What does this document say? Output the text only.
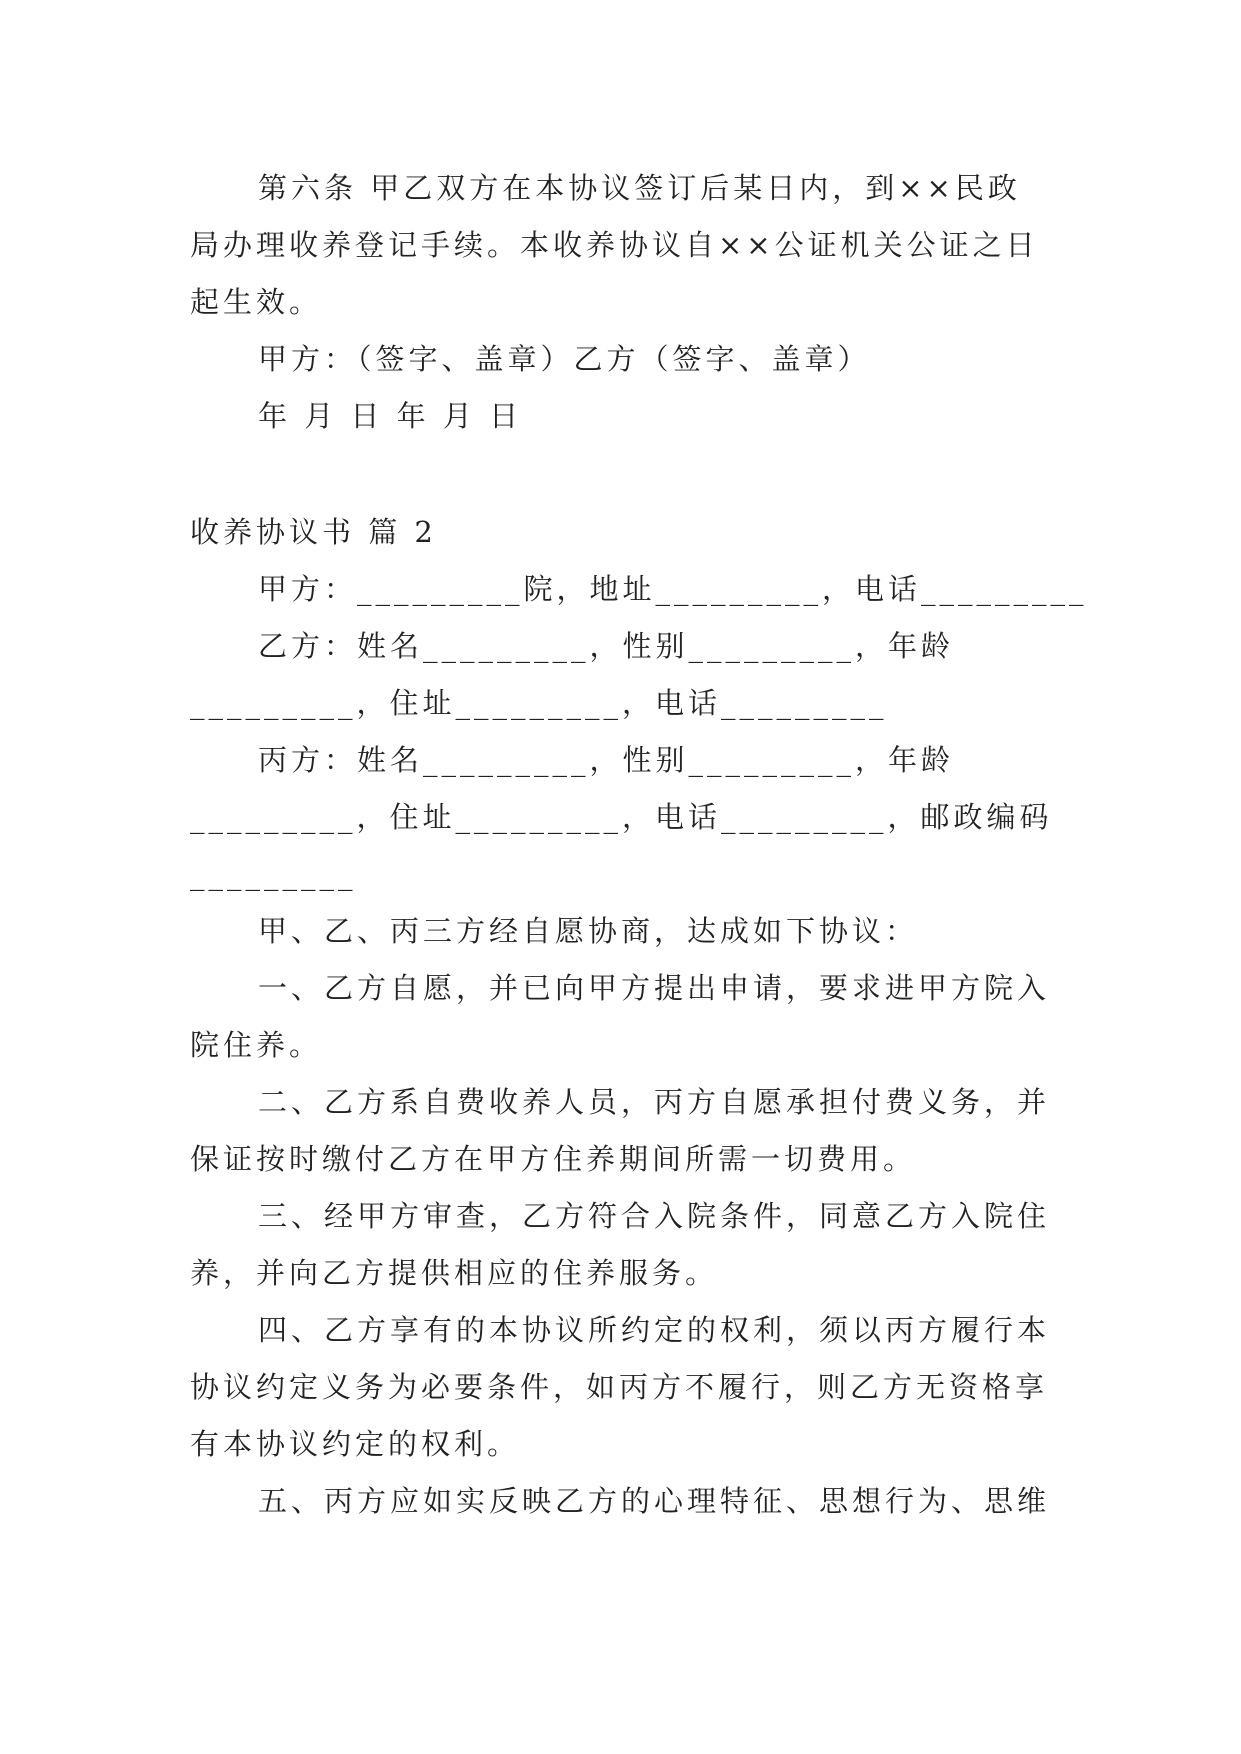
第六条 甲乙双方在本协议签订后某日内，到××民政
局办理收养登记手续。本收养协议自××公证机关公证之日
起生效。
甲方：（签字、盖章）乙方（签字、盖章）
年 月 日 年 月 日
收养协议书 篇 2
甲方：_________院，地址_________，电话_________
乙方：姓名_________，性别_________，年龄
_________，住址_________，电话_________
丙方：姓名_________，性别_________，年龄
_________，住址_________，电话_________，邮政编码
_________
甲、乙、丙三方经自愿协商，达成如下协议：
一、乙方自愿，并已向甲方提出申请，要求进甲方院入
院住养。
二、乙方系自费收养人员，丙方自愿承担付费义务，并
保证按时缴付乙方在甲方住养期间所需一切费用。
三、经甲方审查，乙方符合入院条件，同意乙方入院住
养，并向乙方提供相应的住养服务。
四、乙方享有的本协议所约定的权利，须以丙方履行本
协议约定义务为必要条件，如丙方不履行，则乙方无资格享
有本协议约定的权利。
五、丙方应如实反映乙方的心理特征、思想行为、思维
